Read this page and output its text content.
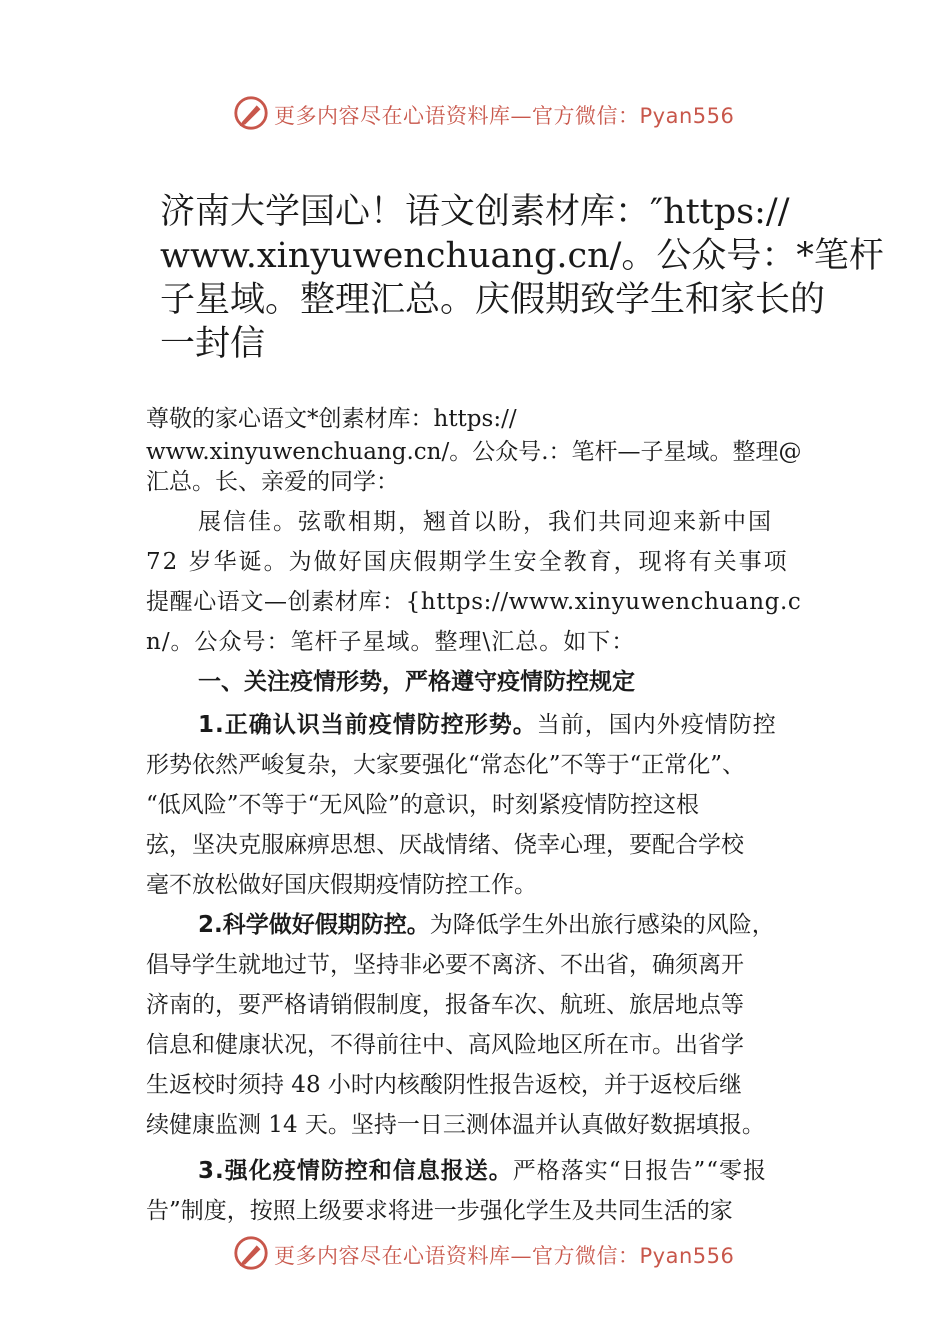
更多内容尽在心语资料库—官方微信：Pyan556
济南大学国心！语文创素材库：″https://
www.xinyuwenchuang.cn/。公众号：*笔杆
子星域。整理汇总。庆假期致学生和家长的
一封信
尊敬的家心语文*创素材库：https://
www.xinyuwenchuang.cn/。公众号.：笔杆—子星域。整理@
汇总。长、亲爱的同学：
展信佳。弦歌相期，翘首以盼，我们共同迎来新中国
72 岁华诞。为做好国庆假期学生安全教育，现将有关事项
提醒心语文—创素材库：{https://www.xinyuwenchuang.c
n/。公众号：笔杆子星域。整理\汇总。如下：
一、关注疫情形势，严格遵守疫情防控规定
1.正确认识当前疫情防控形势。当前，国内外疫情防控
形势依然严峻复杂，大家要强化“常态化”不等于“正常化”、
“低风险”不等于“无风险”的意识，时刻紧疫情防控这根
弦，坚决克服麻痹思想、厌战情绪、侥幸心理，要配合学校
毫不放松做好国庆假期疫情防控工作。
2.科学做好假期防控。为降低学生外出旅行感染的风险，
倡导学生就地过节，坚持非必要不离济、不出省，确须离开
济南的，要严格请销假制度，报备车次、航班、旅居地点等
信息和健康状况，不得前往中、高风险地区所在市。出省学
生返校时须持 48 小时内核酸阴性报告返校，并于返校后继
续健康监测 14 天。坚持一日三测体温并认真做好数据填报。
3.强化疫情防控和信息报送。严格落实“日报告”“零报
告”制度，按照上级要求将进一步强化学生及共同生活的家
更多内容尽在心语资料库—官方微信：Pyan556
